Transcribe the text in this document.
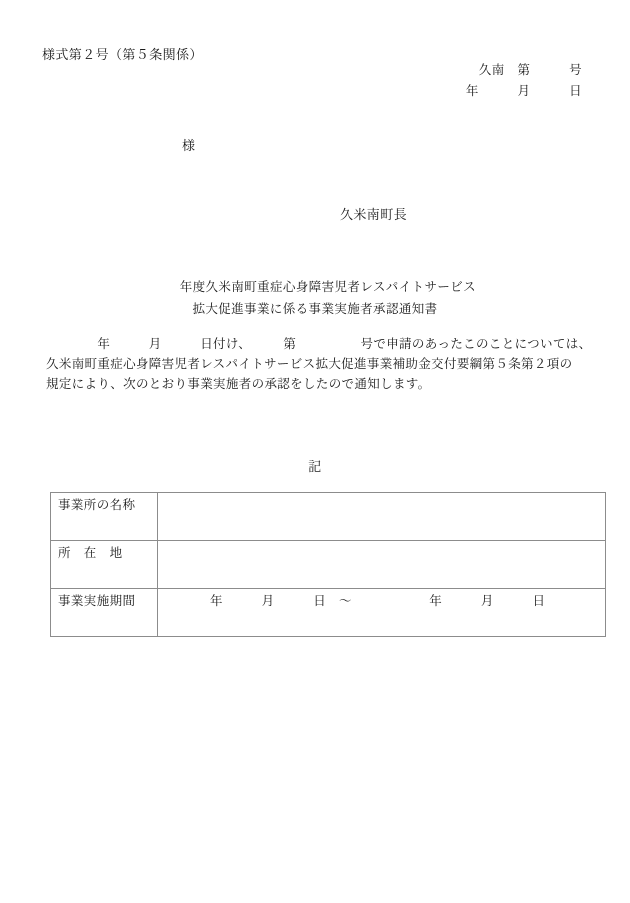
様式第２号（第５条関係）
久南　第　　　号
年　　　月　　　日
様
久米南町長
　　年度久米南町重症心身障害児者レスパイトサービス
拡大促進事業に係る事業実施者承認通知書
　　　　年　　　月　　　日付け、　　　第　　　　　号で申請のあったこのことについては、
久米南町重症心身障害児者レスパイトサービス拡大促進事業補助金交付要綱第５条第２項の
規定により、次のとおり事業実施者の承認をしたので通知します。
記
事業所の名称	
所　在　地	
事業実施期間	年　　　月　　　日　～　　　　　　年　　　月　　　日
